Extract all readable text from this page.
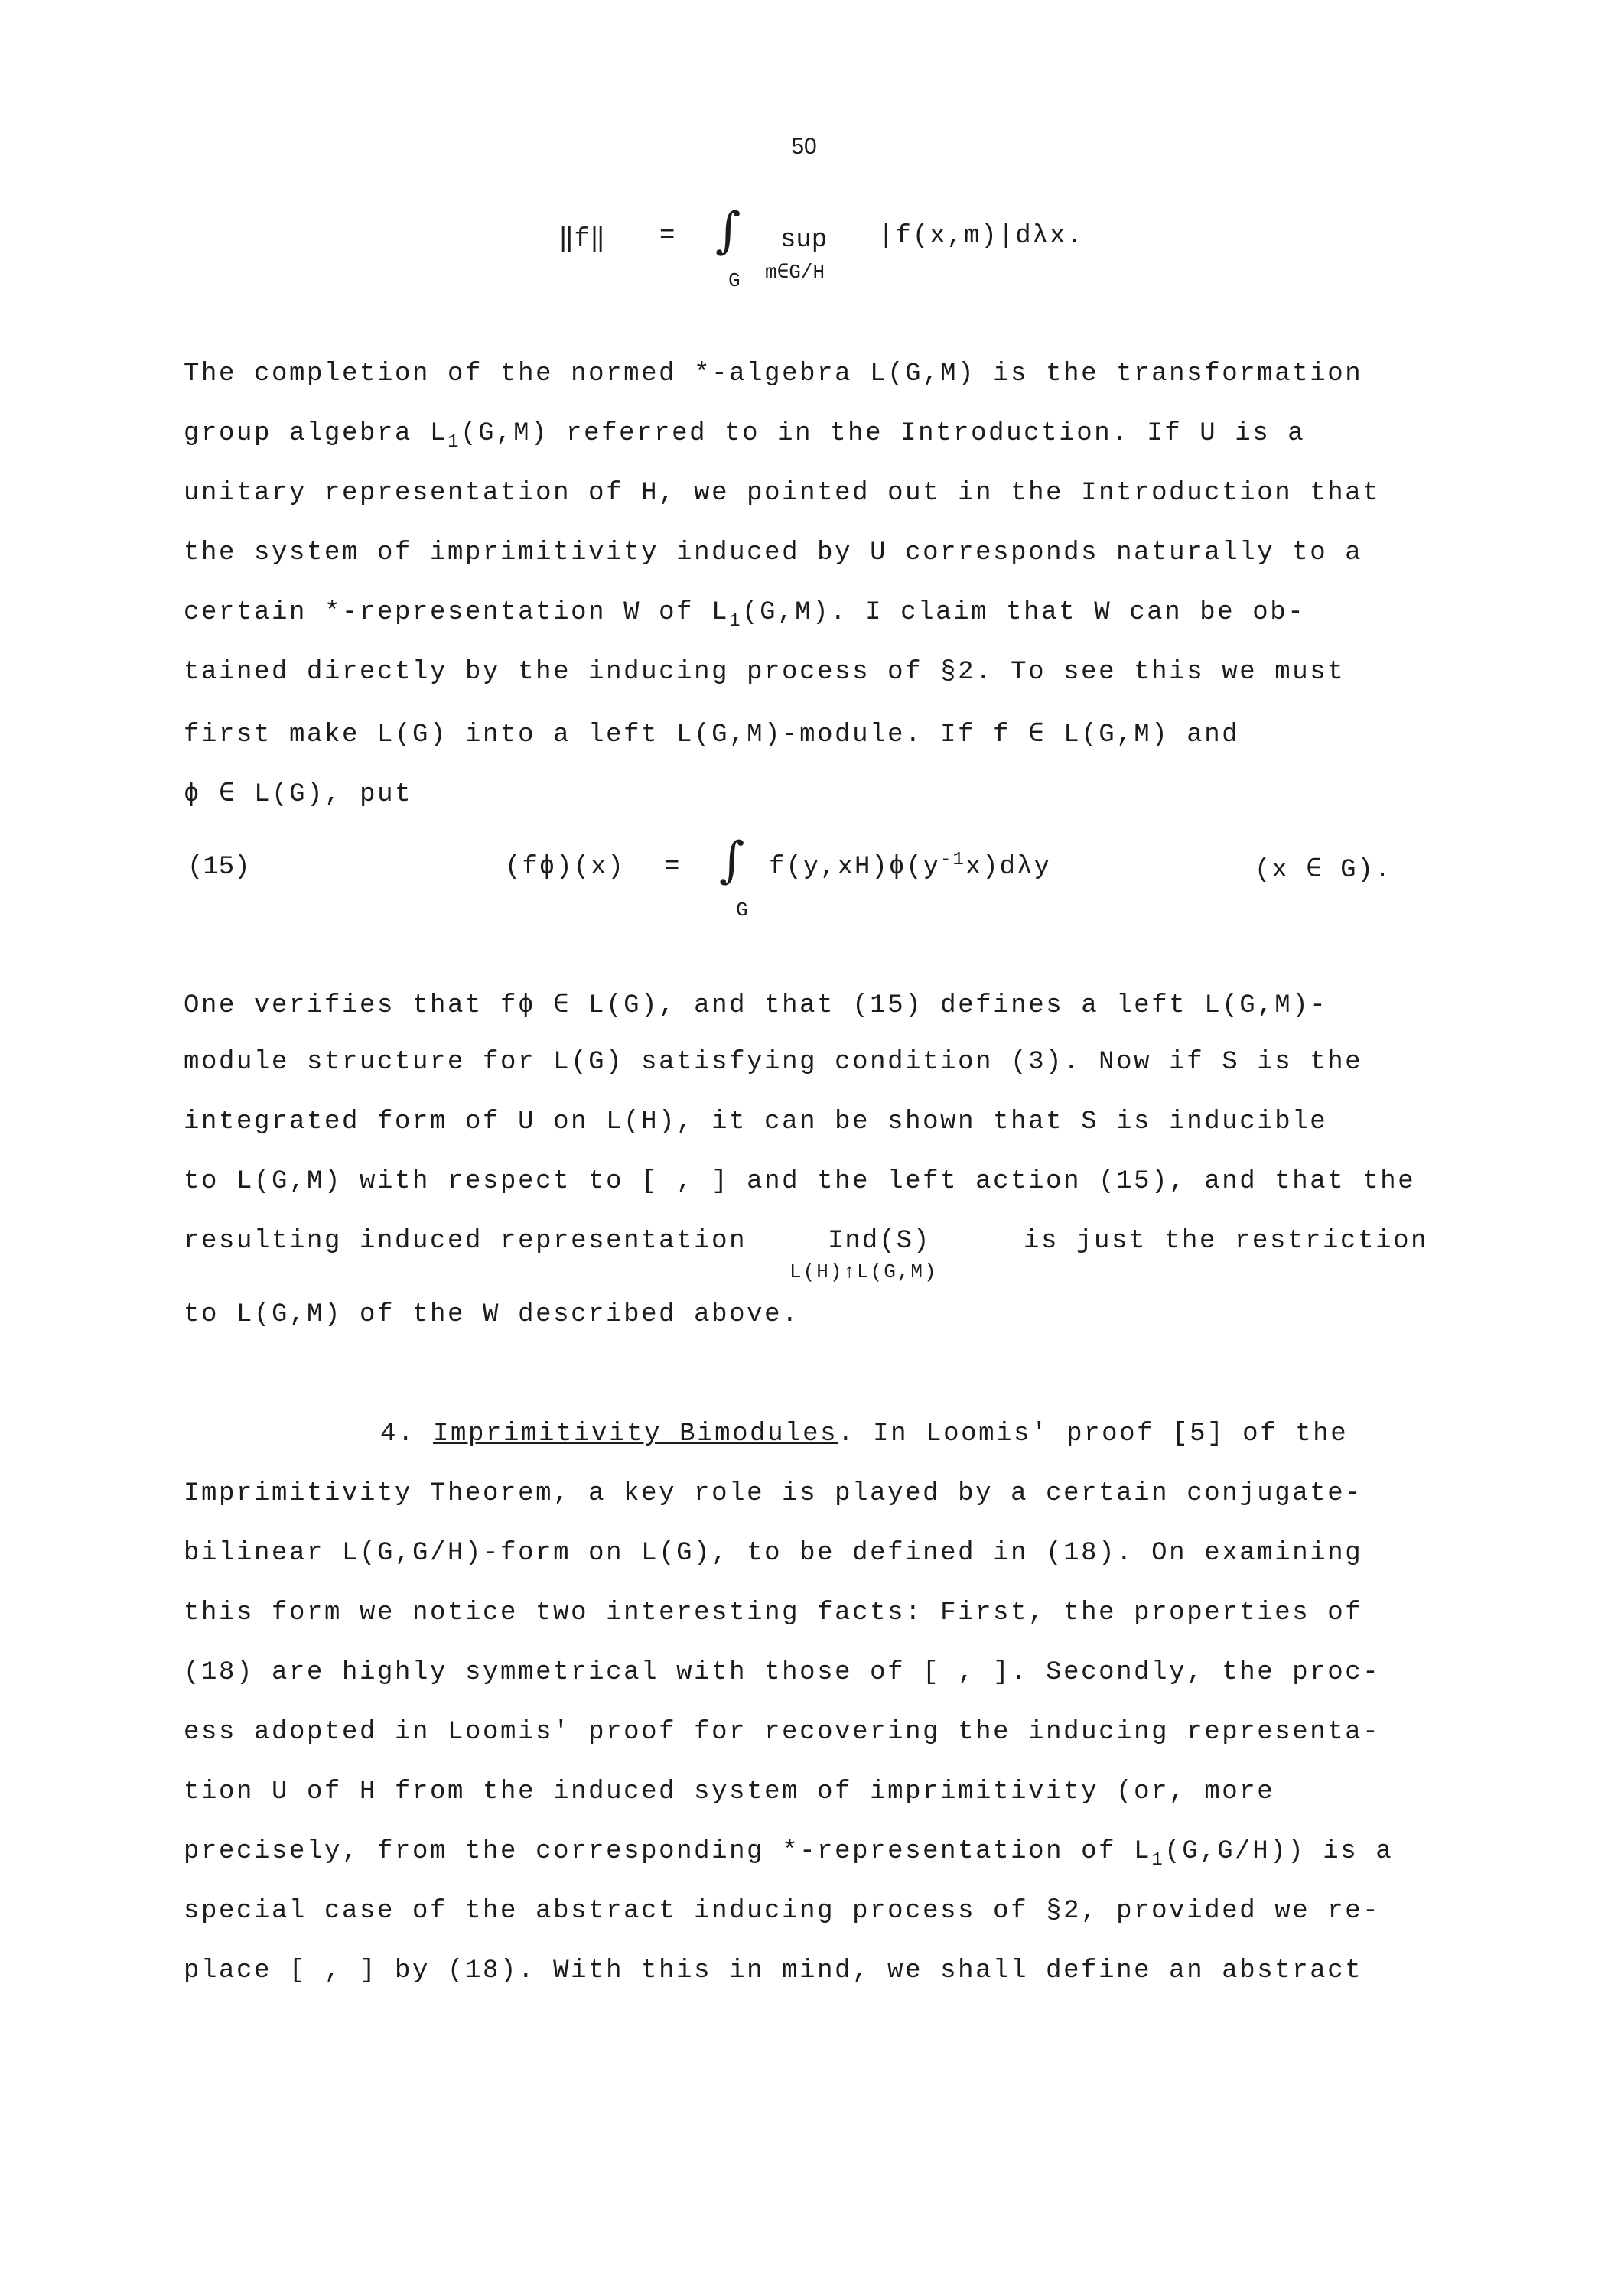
50
‖f‖ = ∫
G
sup
m∈G/H
|f(x,m)|dλx.
The completion of the normed *-algebra L(G,M) is the transformation
group algebra $L_1(G,M)$ referred to in the Introduction. If U is a
unitary representation of H, we pointed out in the Introduction that
the system of imprimitivity induced by U corresponds naturally to a
certain *-representation W of $L_1(G,M)$. I claim that W can be ob-
tained directly by the inducing process of §2. To see this we must
first make L(G) into a left L(G,M)-module. If f ∈ L(G,M) and
ϕ ∈ L(G), put
(15)	(fϕ)(x) = ∫
G
$f(y,xH)\phi(y^{-1}x)d\lambda y$	(x ∈ G).
One verifies that fϕ ∈ L(G), and that (15) defines a left L(G,M)-
module structure for L(G) satisfying condition (3). Now if S is the
integrated form of U on L(H), it can be shown that S is inducible
to L(G,M) with respect to [ , ] and the left action (15), and that the
resulting induced representation	Ind(S)
L(H)↑L(G,M)
is just the restriction
to L(G,M) of the W described above.
4. Imprimitivity Bimodules. In Loomis' proof [5] of the
Imprimitivity Theorem, a key role is played by a certain conjugate-
bilinear L(G,G/H)-form on L(G), to be defined in (18). On examining
this form we notice two interesting facts: First, the properties of
(18) are highly symmetrical with those of [ , ]. Secondly, the proc-
ess adopted in Loomis' proof for recovering the inducing representa-
tion U of H from the induced system of imprimitivity (or, more
precisely, from the corresponding *-representation of $L_1(G,G/H)$) is a
special case of the abstract inducing process of §2, provided we re-
place [ , ] by (18). With this in mind, we shall define an abstract
